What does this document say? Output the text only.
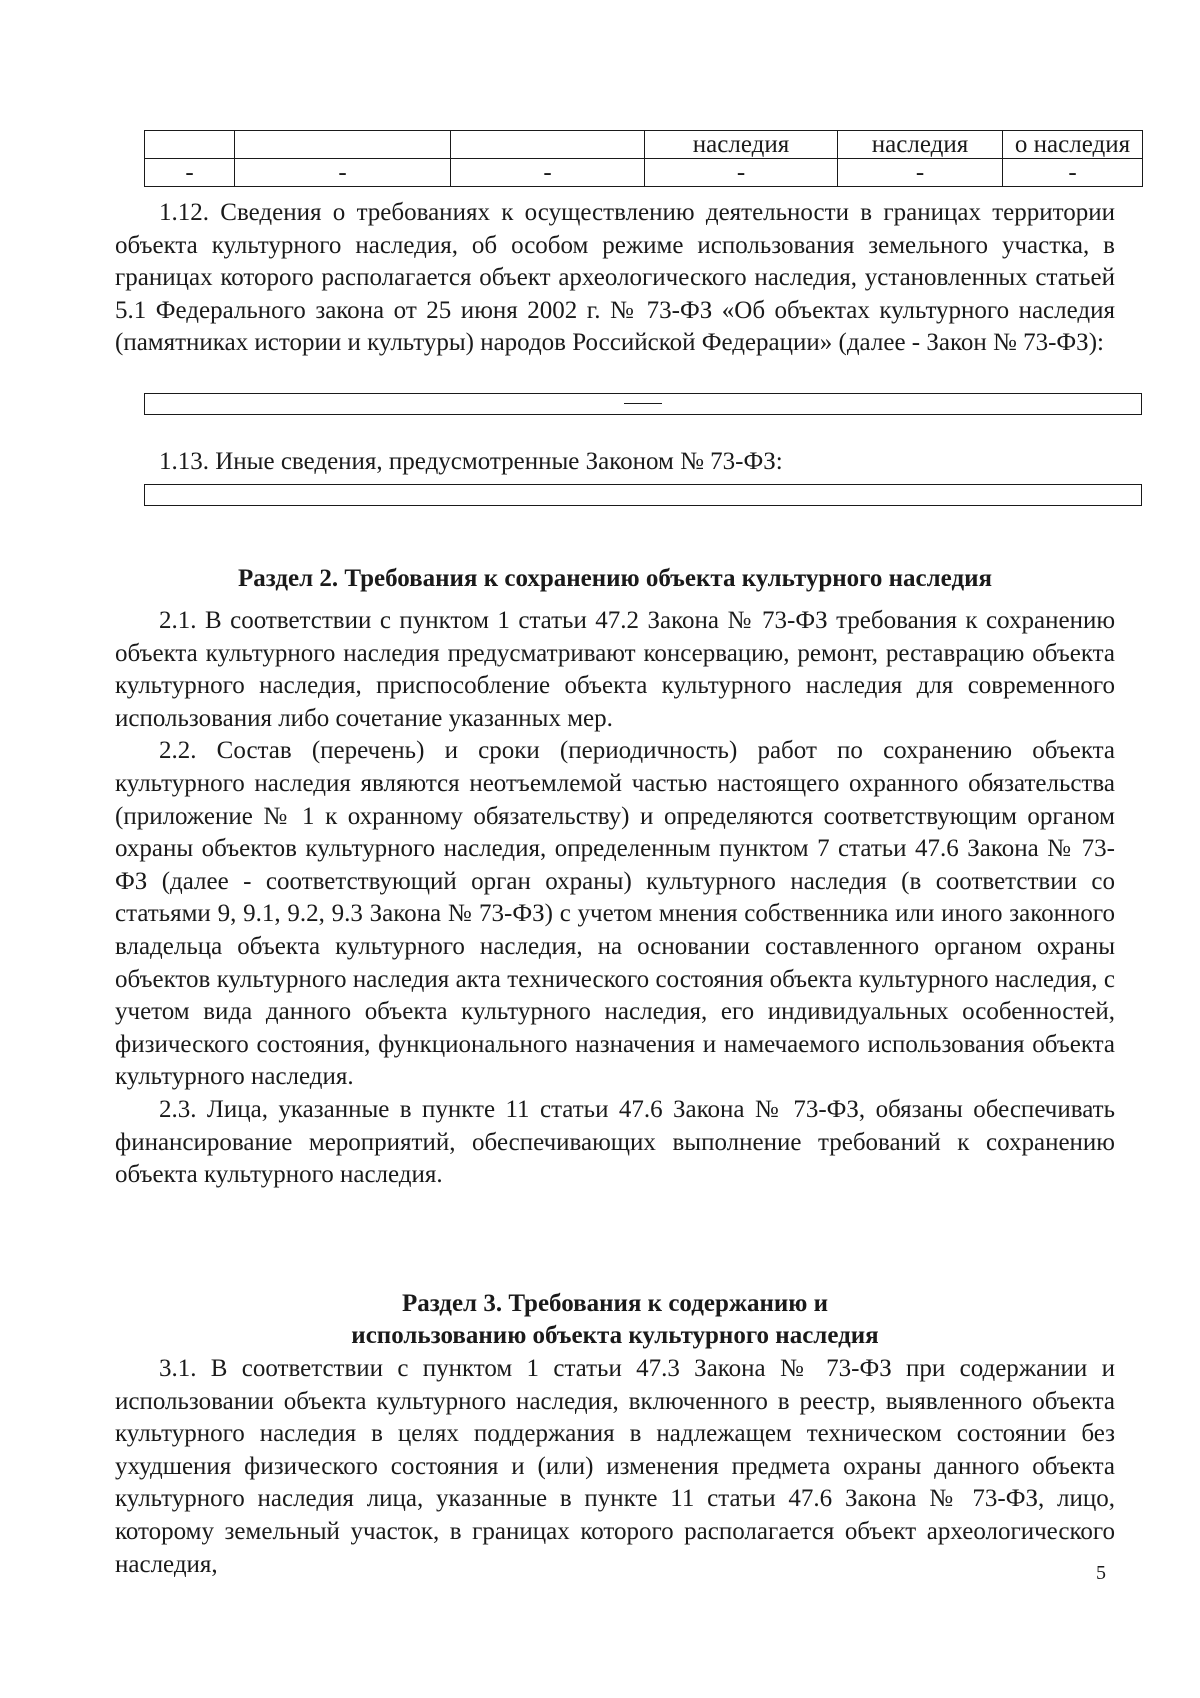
			наследия	наследия	о наследия
-	-	-	-	-	-

1.12. Сведения о требованиях к осуществлению деятельности в границах территории объекта культурного наследия, об особом режиме использования земельного участка, в границах которого располагается объект археологического наследия, установленных статьей 5.1 Федерального закона от 25 июня 2002 г. № 73-ФЗ «Об объектах культурного наследия (памятниках истории и культуры) народов Российской Федерации» (далее - Закон № 73-ФЗ):

1.13. Иные сведения, предусмотренные Законом № 73-ФЗ:

Раздел 2. Требования к сохранению объекта культурного наследия

2.1. В соответствии с пунктом 1 статьи 47.2 Закона № 73-ФЗ требования к сохранению объекта культурного наследия предусматривают консервацию, ремонт, реставрацию объекта культурного наследия, приспособление объекта культурного наследия для современного использования либо сочетание указанных мер.

2.2. Состав (перечень) и сроки (периодичность) работ по сохранению объекта культурного наследия являются неотъемлемой частью настоящего охранного обязательства (приложение № 1 к охранному обязательству) и определяются соответствующим органом охраны объектов культурного наследия, определенным пунктом 7 статьи 47.6 Закона № 73-ФЗ (далее - соответствующий орган охраны) культурного наследия (в соответствии со статьями 9, 9.1, 9.2, 9.3 Закона № 73-ФЗ) с учетом мнения собственника или иного законного владельца объекта культурного наследия, на основании составленного органом охраны объектов культурного наследия акта технического состояния объекта культурного наследия, с учетом вида данного объекта культурного наследия, его индивидуальных особенностей, физического состояния, функционального назначения и намечаемого использования объекта культурного наследия.

2.3. Лица, указанные в пункте 11 статьи 47.6 Закона № 73-ФЗ, обязаны обеспечивать финансирование мероприятий, обеспечивающих выполнение требований к сохранению объекта культурного наследия.

Раздел 3. Требования к содержанию и
использованию объекта культурного наследия

3.1. В соответствии с пунктом 1 статьи 47.3 Закона № 73-ФЗ при содержании и использовании объекта культурного наследия, включенного в реестр, выявленного объекта культурного наследия в целях поддержания в надлежащем техническом состоянии без ухудшения физического состояния и (или) изменения предмета охраны данного объекта культурного наследия лица, указанные в пункте 11 статьи 47.6 Закона № 73-ФЗ, лицо, которому земельный участок, в границах которого располагается объект археологического наследия,	5
